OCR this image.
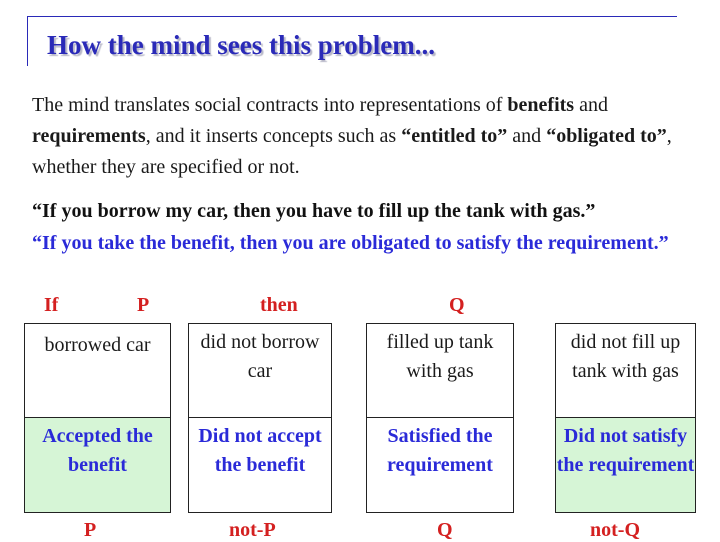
How the mind sees this problem...
The mind translates social contracts into representations of benefits and requirements, and it inserts concepts such as “entitled to” and “obligated to”, whether they are specified or not.
“If you borrow my car, then you have to fill up the tank with gas.”
“If you take the benefit, then you are obligated to satisfy the requirement.”
If	P	then	Q
borrowed car
Accepted the benefit
did not borrow car
Did not accept the benefit
filled up tank with gas
Satisfied the requirement
did not fill up tank with gas
Did not satisfy the requirement
P	not-P	Q	not-Q
